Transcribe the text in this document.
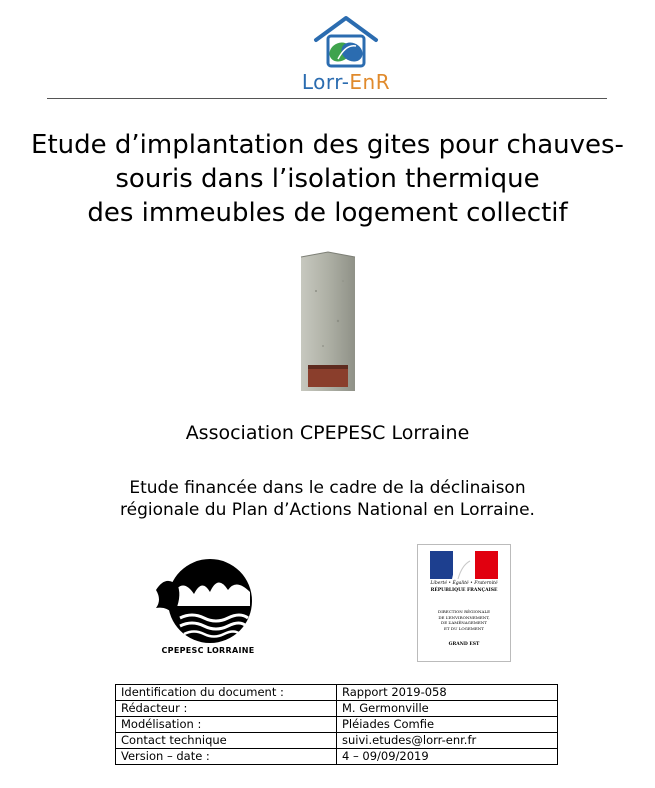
Lorr-EnR
Etude d’implantation des gites pour chauves-
souris dans l’isolation thermique
des immeubles de logement collectif
Association CPEPESC Lorraine
Etude financée dans le cadre de la déclinaison
régionale du Plan d’Actions National en Lorraine.
CPEPESC LORRAINE
Liberté • Égalité • Fraternité
RÉPUBLIQUE FRANÇAISE
DIRECTION RÉGIONALE
DE L’ENVIRONNEMENT,
DE L’AMÉNAGEMENT
ET DU LOGEMENT
GRAND EST
Identification du document :	Rapport 2019-058
Rédacteur :	M. Germonville
Modélisation :	Pléiades Comfie
Contact technique	suivi.etudes@lorr-enr.fr
Version – date :	4 – 09/09/2019
